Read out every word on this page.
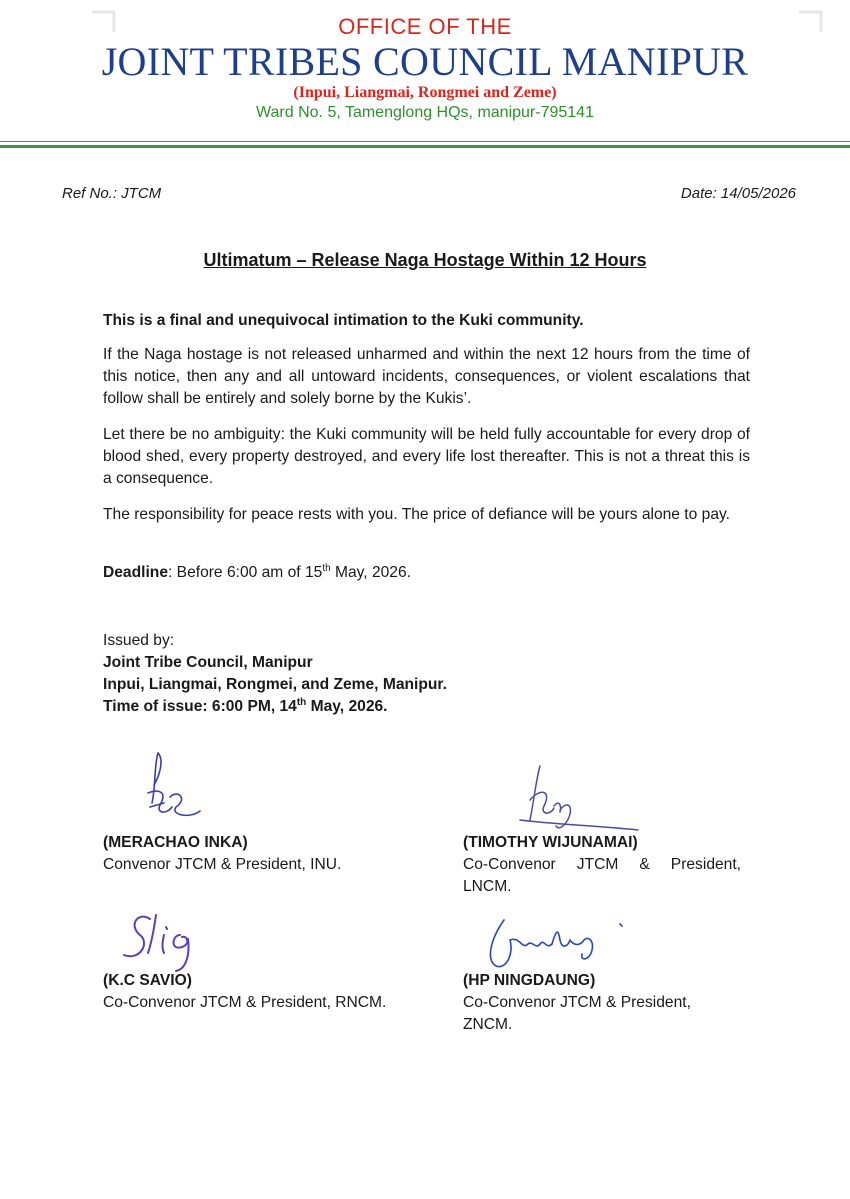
OFFICE OF THE
JOINT TRIBES COUNCIL MANIPUR
(Inpui, Liangmai, Rongmei and Zeme)
Ward No. 5, Tamenglong HQs, manipur-795141
Ref No.: JTCM	Date: 14/05/2026
Ultimatum – Release Naga Hostage Within 12 Hours
This is a final and unequivocal intimation to the Kuki community.
If the Naga hostage is not released unharmed and within the next 12 hours from the time of this notice, then any and all untoward incidents, consequences, or violent escalations that follow shall be entirely and solely borne by the Kukis’.
Let there be no ambiguity: the Kuki community will be held fully accountable for every drop of blood shed, every property destroyed, and every life lost thereafter. This is not a threat this is a consequence.
The responsibility for peace rests with you. The price of defiance will be yours alone to pay.
Deadline: Before 6:00 am of 15th May, 2026.
Issued by:
Joint Tribe Council, Manipur
Inpui, Liangmai, Rongmei, and Zeme, Manipur.
Time of issue: 6:00 PM, 14th May, 2026.
(MERACHAO INKA)
Convenor JTCM & President, INU.
(TIMOTHY WIJUNAMAI)
Co-Convenor JTCM & President, LNCM.
(K.C SAVIO)
Co-Convenor JTCM & President, RNCM.
(HP NINGDAUNG)
Co-Convenor JTCM & President, ZNCM.
